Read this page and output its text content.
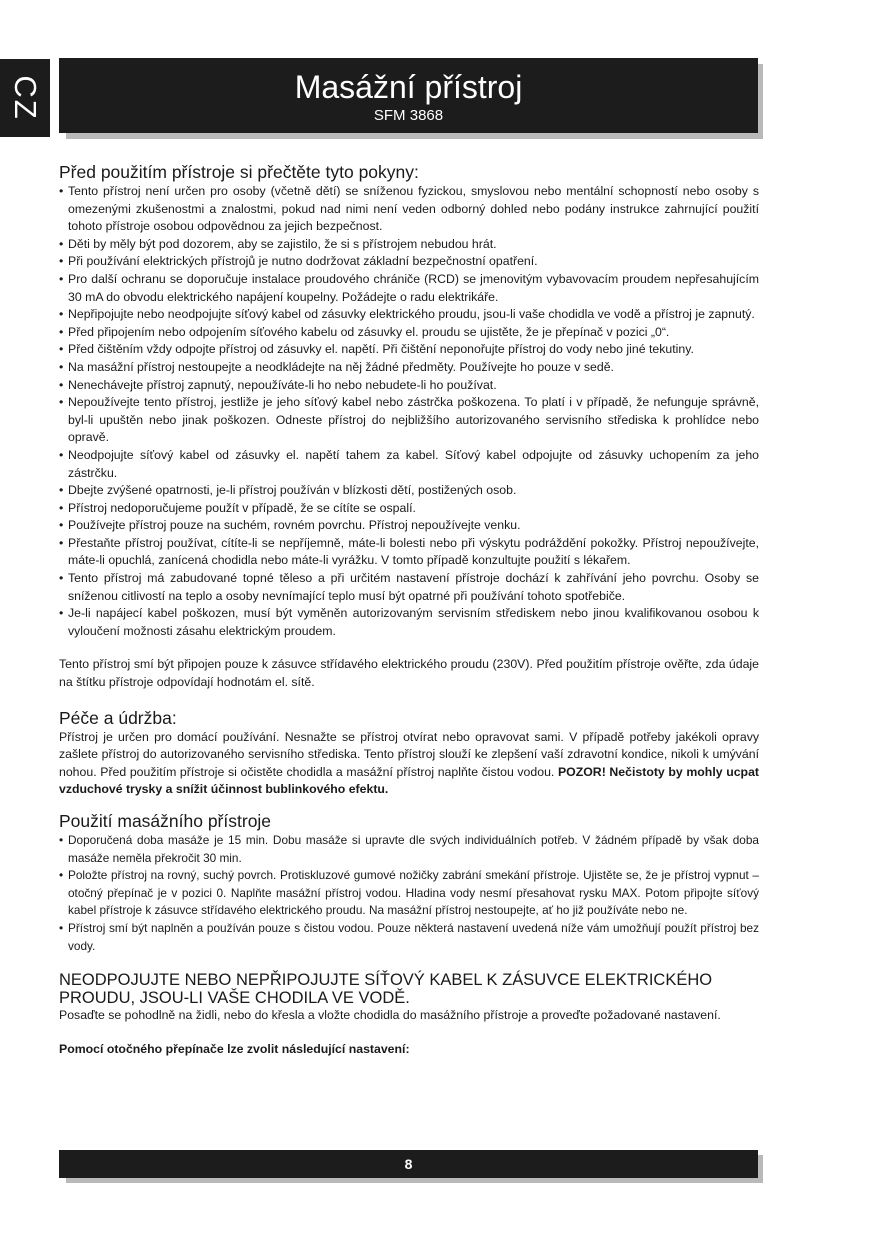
CZ	Masážní přístroj
SFM 3868
Před použitím přístroje si přečtěte tyto pokyny:
• Tento přístroj není určen pro osoby (včetně dětí) se sníženou fyzickou, smyslovou nebo mentální schopností nebo osoby s omezenými zkušenostmi a znalostmi, pokud nad nimi není veden odborný dohled nebo podány instrukce zahrnující použití tohoto přístroje osobou odpovědnou za jejich bezpečnost.
• Děti by měly být pod dozorem, aby se zajistilo, že si s přístrojem nebudou hrát.
• Při používání elektrických přístrojů je nutno dodržovat základní bezpečnostní opatření.
• Pro další ochranu se doporučuje instalace proudového chrániče (RCD) se jmenovitým vybavovacím proudem nepřesahujícím 30 mA do obvodu elektrického napájení koupelny. Požádejte o radu elektrikáře.
• Nepřipojujte nebo neodpojujte síťový kabel od zásuvky elektrického proudu, jsou-li vaše chodidla ve vodě a přístroj je zapnutý.
• Před připojením nebo odpojením síťového kabelu od zásuvky el. proudu se ujistěte, že je přepínač v pozici „0“.
• Před čištěním vždy odpojte přístroj od zásuvky el. napětí. Při čištění neponořujte přístroj do vody nebo jiné tekutiny.
• Na masážní přístroj nestoupejte a neodkládejte na něj žádné předměty. Používejte ho pouze v sedě.
• Nenechávejte přístroj zapnutý, nepoužíváte-li ho nebo nebudete-li ho používat.
• Nepoužívejte tento přístroj, jestliže je jeho síťový kabel nebo zástrčka poškozena. To platí i v případě, že nefunguje správně, byl-li upuštěn nebo jinak poškozen. Odneste přístroj do nejbližšího autorizovaného servisního střediska k prohlídce nebo opravě.
• Neodpojujte síťový kabel od zásuvky el. napětí tahem za kabel. Síťový kabel odpojujte od zásuvky uchopením za jeho zástrčku.
• Dbejte zvýšené opatrnosti, je-li přístroj používán v blízkosti dětí, postižených osob.
• Přístroj nedoporučujeme použít v případě, že se cítíte se ospalí.
• Používejte přístroj pouze na suchém, rovném povrchu. Přístroj nepoužívejte venku.
• Přestaňte přístroj používat, cítíte-li se nepříjemně, máte-li bolesti nebo při výskytu podráždění pokožky. Přístroj nepoužívejte, máte-li opuchlá, zanícená chodidla nebo máte-li vyrážku. V tomto případě konzultujte použití s lékařem.
• Tento přístroj má zabudované topné těleso a při určitém nastavení přístroje dochází k zahřívání jeho povrchu. Osoby se sníženou citlivostí na teplo a osoby nevnímající teplo musí být opatrné při používání tohoto spotřebiče.
• Je-li napájecí kabel poškozen, musí být vyměněn autorizovaným servisním střediskem nebo jinou kvalifikovanou osobou k vyloučení možnosti zásahu elektrickým proudem.

Tento přístroj smí být připojen pouze k zásuvce střídavého elektrického proudu (230V). Před použitím přístroje ověřte, zda údaje na štítku přístroje odpovídají hodnotám el. sítě.

Péče a údržba:

Přístroj je určen pro domácí používání. Nesnažte se přístroj otvírat nebo opravovat sami. V případě potřeby jakékoli opravy zašlete přístroj do autorizovaného servisního střediska. Tento přístroj slouží ke zlepšení vaší zdravotní kondice, nikoli k umývání nohou. Před použitím přístroje si očistěte chodidla a masážní přístroj naplňte čistou vodou. POZOR! Nečistoty by mohly ucpat vzduchové trysky a snížit účinnost bublinkového efektu.

Použití masážního přístroje
• Doporučená doba masáže je 15 min. Dobu masáže si upravte dle svých individuálních potřeb. V žádném případě by však doba masáže neměla překročit 30 min.
• Položte přístroj na rovný, suchý povrch. Protiskluzové gumové nožičky zabrání smekání přístroje. Ujistěte se, že je přístroj vypnut – otočný přepínač je v pozici 0. Naplňte masážní přístroj vodou. Hladina vody nesmí přesahovat rysku MAX. Potom připojte síťový kabel přístroje k zásuvce střídavého elektrického proudu. Na masážní přístroj nestoupejte, ať ho již používáte nebo ne.
• Přístroj smí být naplněn a používán pouze s čistou vodou. Pouze některá nastavení uvedená níže vám umožňují použít přístroj bez vody.
NEODPOJUJTE NEBO NEPŘIPOJUJTE SÍŤOVÝ KABEL K ZÁSUVCE ELEKTRICKÉHO PROUDU, JSOU-LI VAŠE CHODILA VE VODĚ.

Posaďte se pohodlně na židli, nebo do křesla a vložte chodidla do masážního přístroje a proveďte požadované nastavení.

Pomocí otočného přepínače lze zvolit následující nastavení:

8
